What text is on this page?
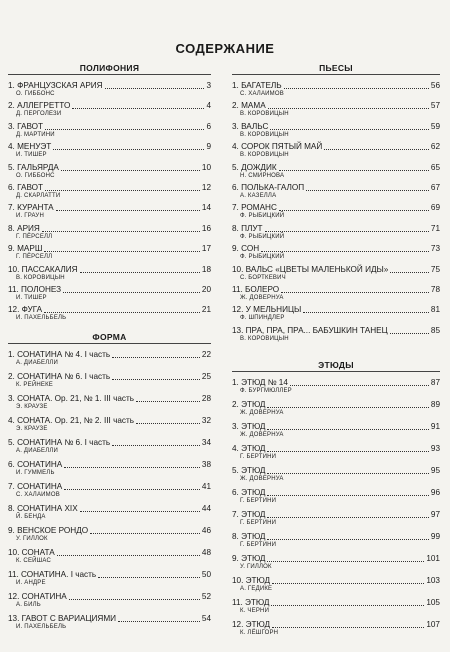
СОДЕРЖАНИЕ
ПОЛИФОНИЯ
1. ФРАНЦУЗСКАЯ АРИЯ	3
О. ГИББОНС
2. АЛЛЕГРЕТТО	4
Д. ПЕРГОЛЕЗИ
3. ГАВОТ	6
Д. МАРТИНИ
4. МЕНУЭТ	9
И. ТИШЕР
5. ГАЛЬЯРДА	10
О. ГИББОНС
6. ГАВОТ	12
Д. СКАРЛАТТИ
7. КУРАНТА	14
И. ГРАУН
8. АРИЯ	16
Г. ПЁРСЕЛЛ
9. МАРШ	17
Г. ПЁРСЕЛЛ
10. ПАССАКАЛИЯ	18
В. КОРОВИЦЫН
11. ПОЛОНЕЗ	20
И. ТИШЕР
12. ФУГА	21
И. ПАХЕЛЬБЕЛЬ
ФОРМА
1. СОНАТИНА № 4. I часть	22
А. ДИАБЕЛЛИ
2. СОНАТИНА № 6. I часть	25
К. РЕЙНЕКЕ
3. СОНАТА. Ор. 21, № 1. III часть	28
Э. КРАУЗЕ
4. СОНАТА. Ор. 21, № 2. III часть	32
Э. КРАУЗЕ
5. СОНАТИНА № 6. I часть	34
А. ДИАБЕЛЛИ
6. СОНАТИНА	38
И. ГУММЕЛЬ
7. СОНАТИНА	41
С. ХАЛАИМОВ
8. СОНАТИНА XIX	44
Й. БЕНДА
9. ВЕНСКОЕ РОНДО	46
У. ГИЛЛОК
10. СОНАТА	48
К. СЕЙШАС
11. СОНАТИНА. I часть	50
И. АНДРЕ
12. СОНАТИНА	52
А. БИЛЬ
13. ГАВОТ С ВАРИАЦИЯМИ	54
И. ПАХЕЛЬБЕЛЬ
ПЬЕСЫ
1. БАГАТЕЛЬ	56
С. ХАЛАИМОВ
2. МАМА	57
В. КОРОВИЦЫН
3. ВАЛЬС	59
В. КОРОВИЦЫН
4. СОРОК ПЯТЫЙ МАЙ	62
В. КОРОВИЦЫН
5. ДОЖДИК	65
Н. СМИРНОВА
6. ПОЛЬКА-ГАЛОП	67
А. КАЗЕЛЛА
7. РОМАНС	69
Ф. РЫБИЦКИЙ
8. ПЛУТ	71
Ф. РЫБИЦКИЙ
9. СОН	73
Ф. РЫБИЦКИЙ
10. ВАЛЬС «ЦВЕТЫ МАЛЕНЬКОЙ ИДЫ»	75
С. БОРТКЕВИЧ
11. БОЛЕРО	78
Ж. ДОВЕРНУА
12. У МЕЛЬНИЦЫ	81
Ф. ШПИНДЛЕР
13. ПРА, ПРА, ПРА... БАБУШКИН ТАНЕЦ	85
В. КОРОВИЦЫН
ЭТЮДЫ
1. ЭТЮД № 14	87
Ф. БУРГМЮЛЛЕР
2. ЭТЮД	89
Ж. ДОВЕРНУА
3. ЭТЮД	91
Ж. ДОВЕРНУА
4. ЭТЮД	93
Г. БЕРТИНИ
5. ЭТЮД	95
Ж. ДОВЕРНУА
6. ЭТЮД	96
Г. БЕРТИНИ
7. ЭТЮД	97
Г. БЕРТИНИ
8. ЭТЮД	99
Г. БЕРТИНИ
9. ЭТЮД	101
У. ГИЛЛОК
10. ЭТЮД	103
А. ГЕДИКЕ
11. ЭТЮД	105
К. ЧЕРНИ
12. ЭТЮД	107
К. ЛЁШГОРН
